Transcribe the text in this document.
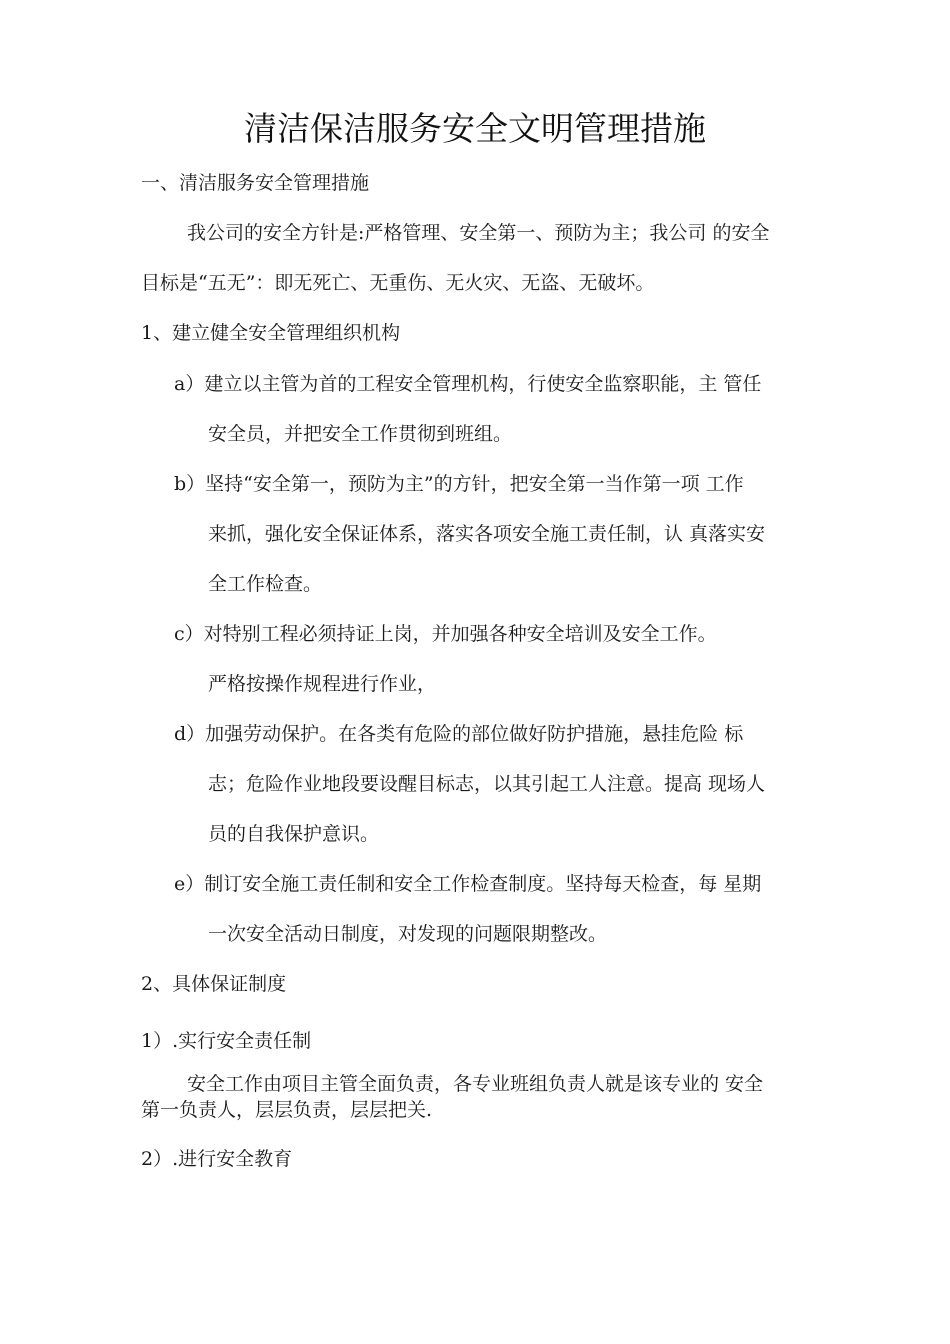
清洁保洁服务安全文明管理措施
一、清洁服务安全管理措施
我公司的安全方针是:严格管理、安全第一、预防为主；我公司 的安全
目标是“五无”：即无死亡、无重伤、无火灾、无盗、无破坏。
1、建立健全安全管理组织机构
a）建立以主管为首的工程安全管理机构，行使安全监察职能，主 管任
安全员，并把安全工作贯彻到班组。
b）坚持“安全第一，预防为主”的方针，把安全第一当作第一项 工作
来抓，强化安全保证体系，落实各项安全施工责任制，认 真落实安
全工作检查。
c）对特别工程必须持证上岗，并加强各种安全培训及安全工作。
严格按操作规程进行作业，
d）加强劳动保护。在各类有危险的部位做好防护措施，悬挂危险 标
志；危险作业地段要设醒目标志，以其引起工人注意。提高 现场人
员的自我保护意识。
e）制订安全施工责任制和安全工作检查制度。坚持每天检查，每 星期
一次安全活动日制度，对发现的问题限期整改。
2、具体保证制度
1）.实行安全责任制
安全工作由项目主管全面负责，各专业班组负责人就是该专业的 安全
第一负责人，层层负责，层层把关.
2）.进行安全教育
